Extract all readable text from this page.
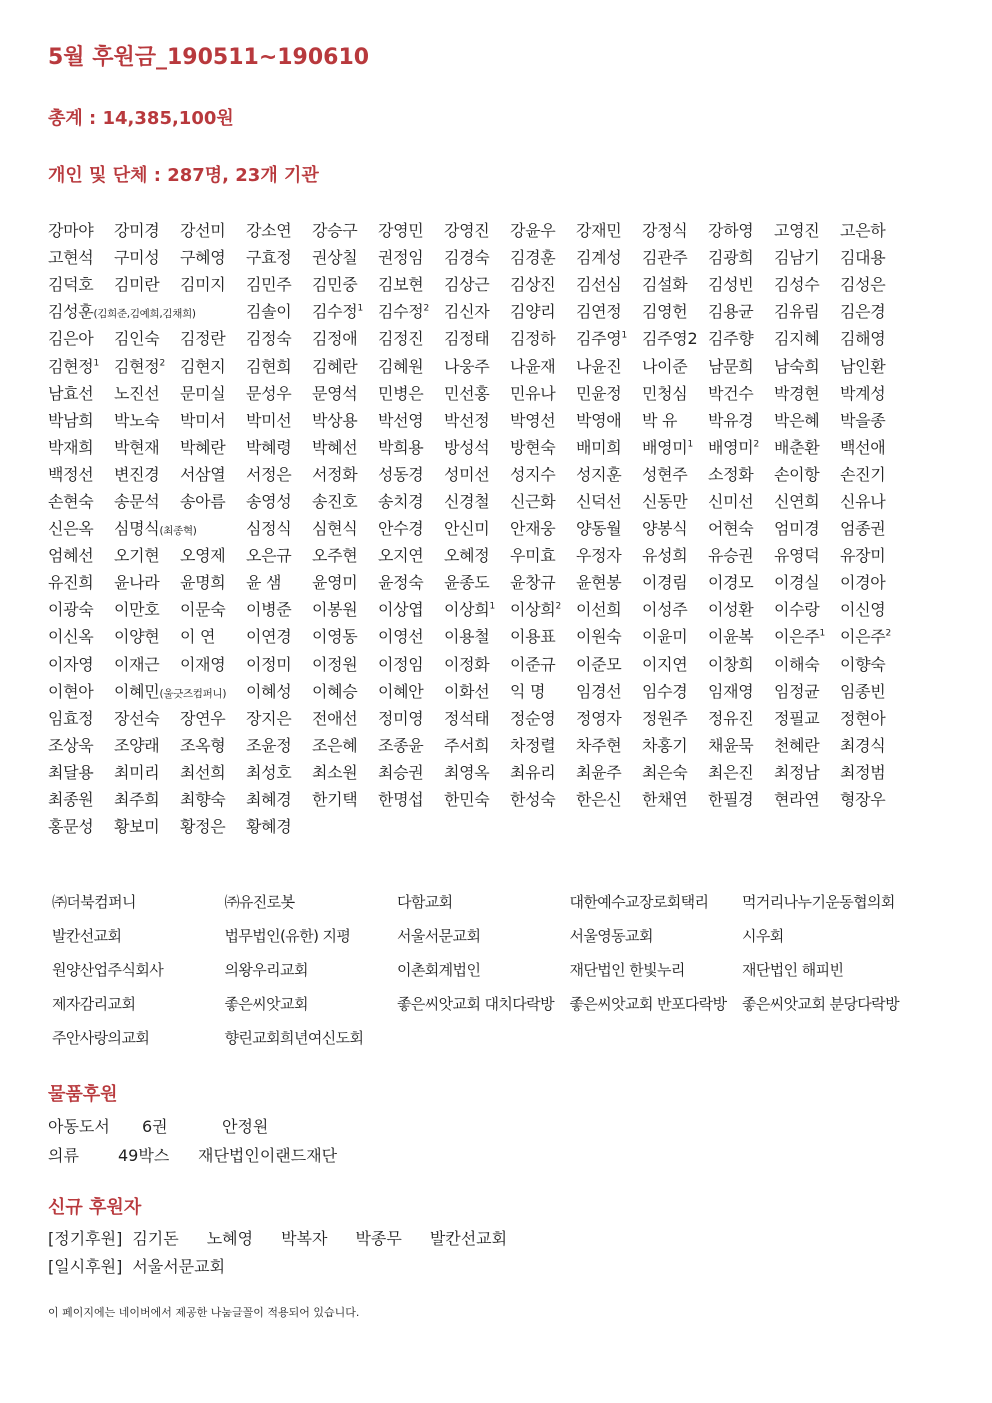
5월 후원금_190511~190610
총계 : 14,385,100원
개인 및 단체 : 287명, 23개 기관
강마야	강미경	강선미	강소연	강승구	강영민	강영진	강윤우	강재민	강정식	강하영	고영진	고은하
고현석	구미성	구혜영	구효정	권상칠	권정임	김경숙	김경훈	김계성	김관주	김광희	김남기	김대용
김덕호	김미란	김미지	김민주	김민중	김보현	김상근	김상진	김선심	김설화	김성빈	김성수	김성은
김성훈(김희준,김예희,김채희)	김솔이	김수정$^1$ 김수정$^2$ 김신자	김양리	김연정	김영헌	김용균	김유림	김은경
김은아	김인숙	김정란	김정숙	김정애	김정진	김정태	김정하	김주영$^1$ 김주영2 김주향	김지혜	김해영
김현정$^1$ 김현정$^2$ 김현지	김현희	김혜란	김혜원	나웅주	나윤재	나윤진	나이준	남문희	남숙희	남인환
남효선	노진선	문미실	문성우	문영석	민병은	민선홍	민유나	민윤정	민청심	박건수	박경현	박계성
박남희	박노숙	박미서	박미선	박상용	박선영	박선정	박영선	박영애	박 유	박유경	박은혜	박을종
박재희	박현재	박혜란	박혜령	박혜선	박희용	방성석	방현숙	배미희	배영미$^1$ 배영미$^2$ 배춘환	백선애
백정선	변진경	서삼열	서정은	서정화	성동경	성미선	성지수	성지훈	성현주	소정화	손이항	손진기
손현숙	송문석	송아름	송영성	송진호	송치경	신경철	신근화	신덕선	신동만	신미선	신연희	신유나
신은옥	심명식(최종혁)	심정식	심현식	안수경	안신미	안재웅	양동월	양봉식	어현숙	엄미경	엄종권
엄혜선	오기현	오영제	오은규	오주현	오지연	오혜정	우미효	우정자	유성희	유승권	유영덕	유장미
유진희	윤나라	윤명희	윤 샘	윤영미	윤정숙	윤종도	윤창규	윤현봉	이경림	이경모	이경실	이경아
이광숙	이만호	이문숙	이병준	이봉원	이상엽	이상희$^1$ 이상희$^2$ 이선희	이성주	이성환	이수랑	이신영
이신옥	이양현	이 연	이연경	이영동	이영선	이용철	이용표	이원숙	이윤미	이윤복	이은주$^1$ 이은주$^2$
이자영	이재근	이재영	이정미	이정원	이정임	이정화	이준규	이준모	이지연	이창희	이해숙	이향숙
이현아	이혜민(울긋즈컴퍼니)	이혜성	이혜승	이혜안	이화선	익 명	임경선	임수경	임재영	임정균	임종빈
임효정	장선숙	장연우	장지은	전애선	정미영	정석태	정순영	정영자	정원주	정유진	정필교	정현아
조상욱	조양래	조옥형	조윤정	조은혜	조종윤	주서희	차정렬	차주현	차홍기	채윤묵	천혜란	최경식
최달용	최미리	최선희	최성호	최소원	최승권	최영옥	최유리	최윤주	최은숙	최은진	최정남	최정범
최종원	최주희	최향숙	최혜경	한기택	한명섭	한민숙	한성숙	한은신	한채연	한필경	현라연	형장우
홍문성	황보미	황정은	황혜경
㈜더북컴퍼니	㈜유진로봇	다함교회	대한예수교장로회택리	먹거리나누기운동협의회
발칸선교회	법무법인(유한) 지평	서울서문교회	서울영동교회	시우회
원양산업주식회사	의왕우리교회	이촌회계법인	재단법인 한빛누리	재단법인 해피빈
제자감리교회	좋은씨앗교회	좋은씨앗교회 대치다락방	좋은씨앗교회 반포다락방	좋은씨앗교회 분당다락방
주안사랑의교회	향린교회희년여신도회
물품후원
아동도서	6권	안정원
의류	49박스	재단법인이랜드재단
신규 후원자
[정기후원] 김기돈 노혜영 박복자 박종무 발칸선교회
[일시후원] 서울서문교회
이 페이지에는 네이버에서 제공한 나눔글꼴이 적용되어 있습니다.
